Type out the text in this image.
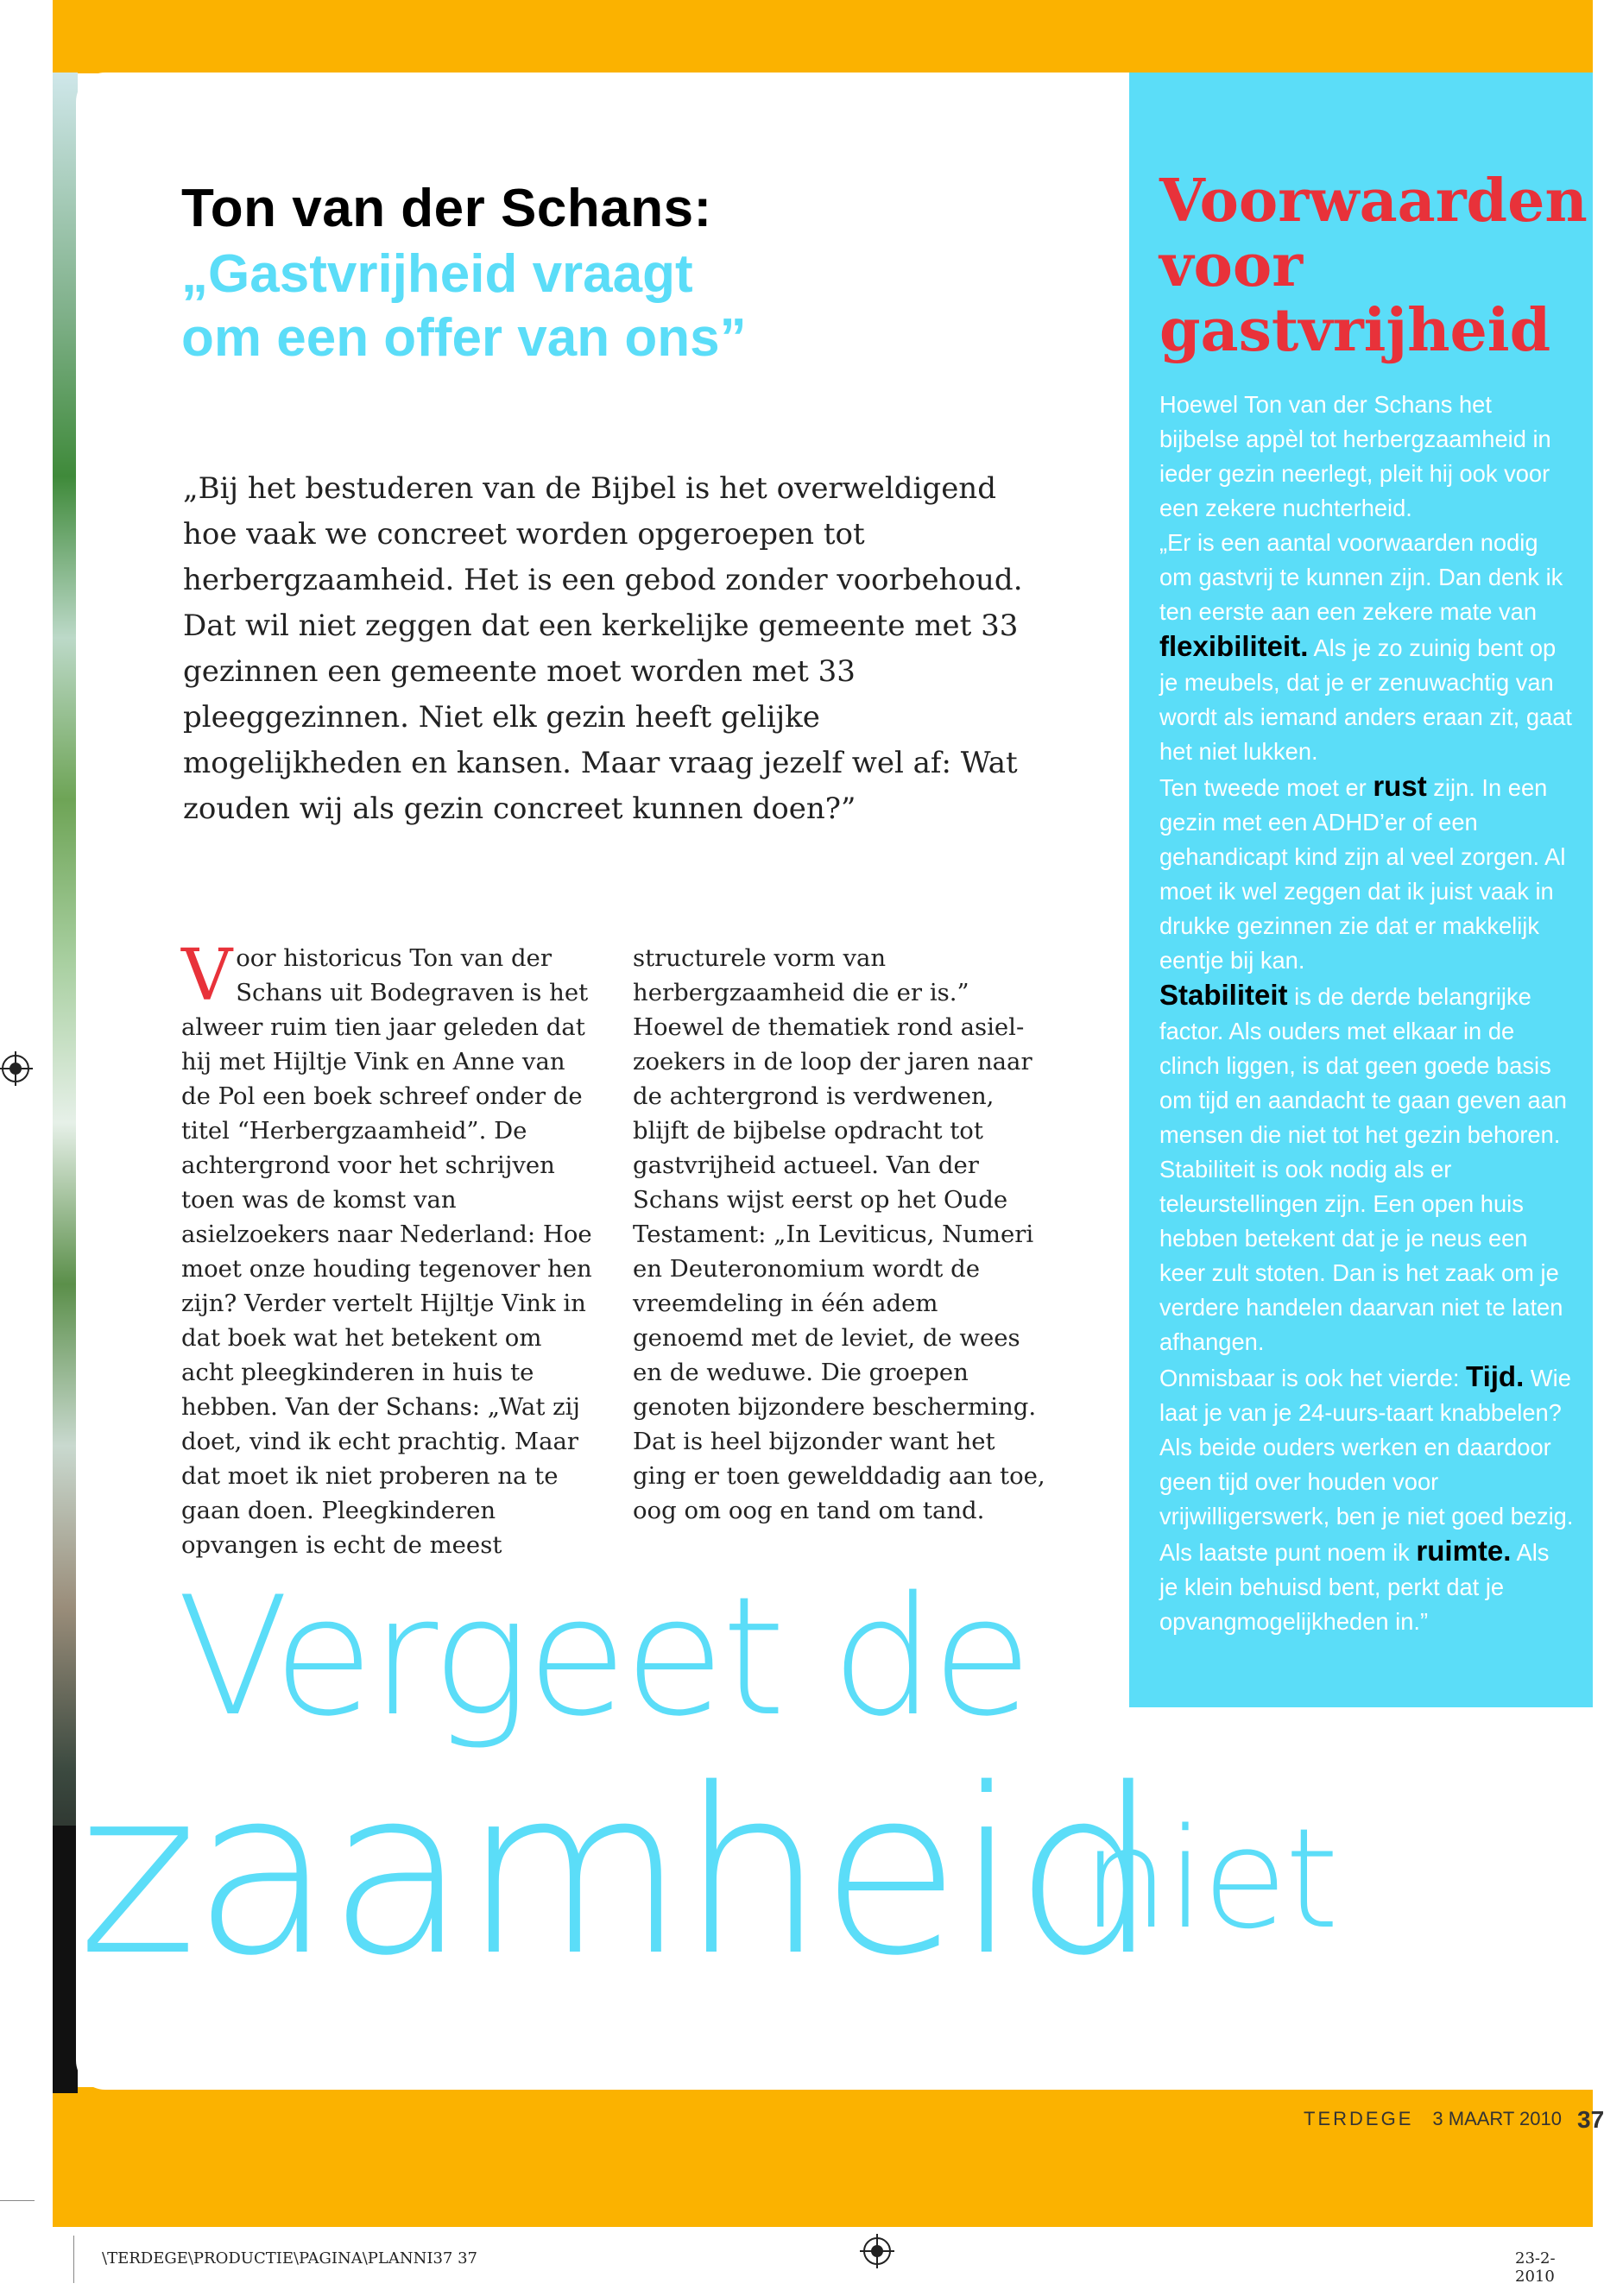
Voorwaarden
voor
gastvrijheid

Hoewel Ton van der Schans het bijbelse appèl tot herbergzaamheid in ieder gezin neerlegt, pleit hij ook voor een zekere nuchterheid.

„Er is een aantal voorwaarden nodig om gastvrij te kunnen zijn. Dan denk ik ten eerste aan een zekere mate van flexibiliteit. Als je zo zuinig bent op je meubels, dat je er zenuwachtig van wordt als iemand anders eraan zit, gaat het niet lukken.

Ten tweede moet er rust zijn. In een gezin met een ADHD’er of een gehandicapt kind zijn al veel zorgen. Al moet ik wel zeggen dat ik juist vaak in drukke gezinnen zie dat er makkelijk eentje bij kan.

Stabiliteit is de derde belangrijke factor. Als ouders met elkaar in de clinch liggen, is dat geen goede basis om tijd en aandacht te gaan geven aan mensen die niet tot het gezin behoren. Stabiliteit is ook nodig als er teleurstellingen zijn. Een open huis hebben betekent dat je je neus een keer zult stoten. Dan is het zaak om je verdere handelen daarvan niet te laten afhangen.

Onmisbaar is ook het vierde: Tijd. Wie laat je van je 24-uurs-taart knabbelen? Als beide ouders werken en daardoor geen tijd over houden voor vrijwilligerswerk, ben je niet goed bezig.

Als laatste punt noem ik ruimte. Als je klein behuisd bent, perkt dat je opvangmogelijkheden in.”

Ton van der Schans:
„Gastvrijheid vraagt
om een offer van ons”
„Bij het bestuderen van de Bijbel is het overweldigend hoe vaak we concreet worden opgeroepen tot herbergzaamheid. Het is een gebod zonder voorbehoud. Dat wil niet zeggen dat een kerkelijke gemeente met 33 gezinnen een gemeente moet worden met 33 pleeggezinnen. Niet elk gezin heeft gelijke mogelijkheden en kansen. Maar vraag jezelf wel af: Wat zouden wij als gezin concreet kunnen doen?”
Voor historicus Ton van der Schans uit Bodegraven is het alweer ruim tien jaar geleden dat hij met Hijltje Vink en Anne van de Pol een boek schreef onder de titel “Herbergzaamheid”. De achtergrond voor het schrijven toen was de komst van asielzoekers naar Nederland: Hoe moet onze houding tegenover hen zijn? Verder vertelt Hijltje Vink in dat boek wat het betekent om acht pleegkinderen in huis te hebben. Van der Schans: „Wat zij doet, vind ik echt prachtig. Maar dat moet ik niet proberen na te gaan doen. Pleegkinderen opvangen is echt de meest
structurele vorm van herbergzaamheid die er is.”
Hoewel de thematiek rond asielzoekers in de loop der jaren naar de achtergrond is verdwenen, blijft de bijbelse opdracht tot gastvrijheid actueel. Van der Schans wijst eerst op het Oude Testament: „In Leviticus, Numeri en Deuteronomium wordt de vreemdeling in één adem genoemd met de leviet, de wees en de weduwe. Die groepen genoten bijzondere bescherming. Dat is heel bijzonder want het ging er toen gewelddadig aan toe, oog om oog en tand om tand.
Vergeet de
zaamheid
niet
TERDEGE 3 MAART 2010 37
\TERDEGE\PRODUCTIE\PAGINA\PLANNI37 37	23-2-2010
